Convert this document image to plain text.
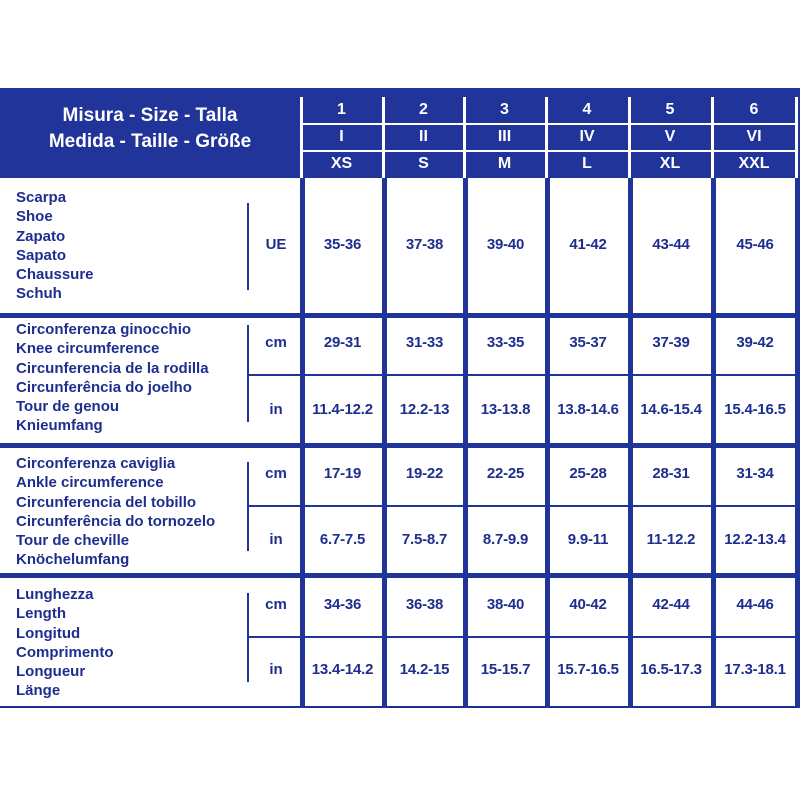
Misura - Size - Talla
Medida - Taille - Größe
1	2	3	4	5	6
I	II	III	IV	V	VI
XS	S	M	L	XL	XXL
Scarpa
Shoe
Zapato
Sapato
Chaussure
Schuh
UE	35-36	37-38	39-40	41-42	43-44	45-46
Circonferenza ginocchio
Knee circumference
Circunferencia de la rodilla
Circunferência do joelho
Tour de genou
Knieumfang
cm	29-31	31-33	33-35	35-37	37-39	39-42
in	11.4-12.2	12.2-13	13-13.8	13.8-14.6	14.6-15.4	15.4-16.5
Circonferenza caviglia
Ankle circumference
Circunferencia del tobillo
Circunferência do tornozelo
Tour de cheville
Knöchelumfang
cm	17-19	19-22	22-25	25-28	28-31	31-34
in	6.7-7.5	7.5-8.7	8.7-9.9	9.9-11	11-12.2	12.2-13.4
Lunghezza
Length
Longitud
Comprimento
Longueur
Länge
cm	34-36	36-38	38-40	40-42	42-44	44-46
in	13.4-14.2	14.2-15	15-15.7	15.7-16.5	16.5-17.3	17.3-18.1
